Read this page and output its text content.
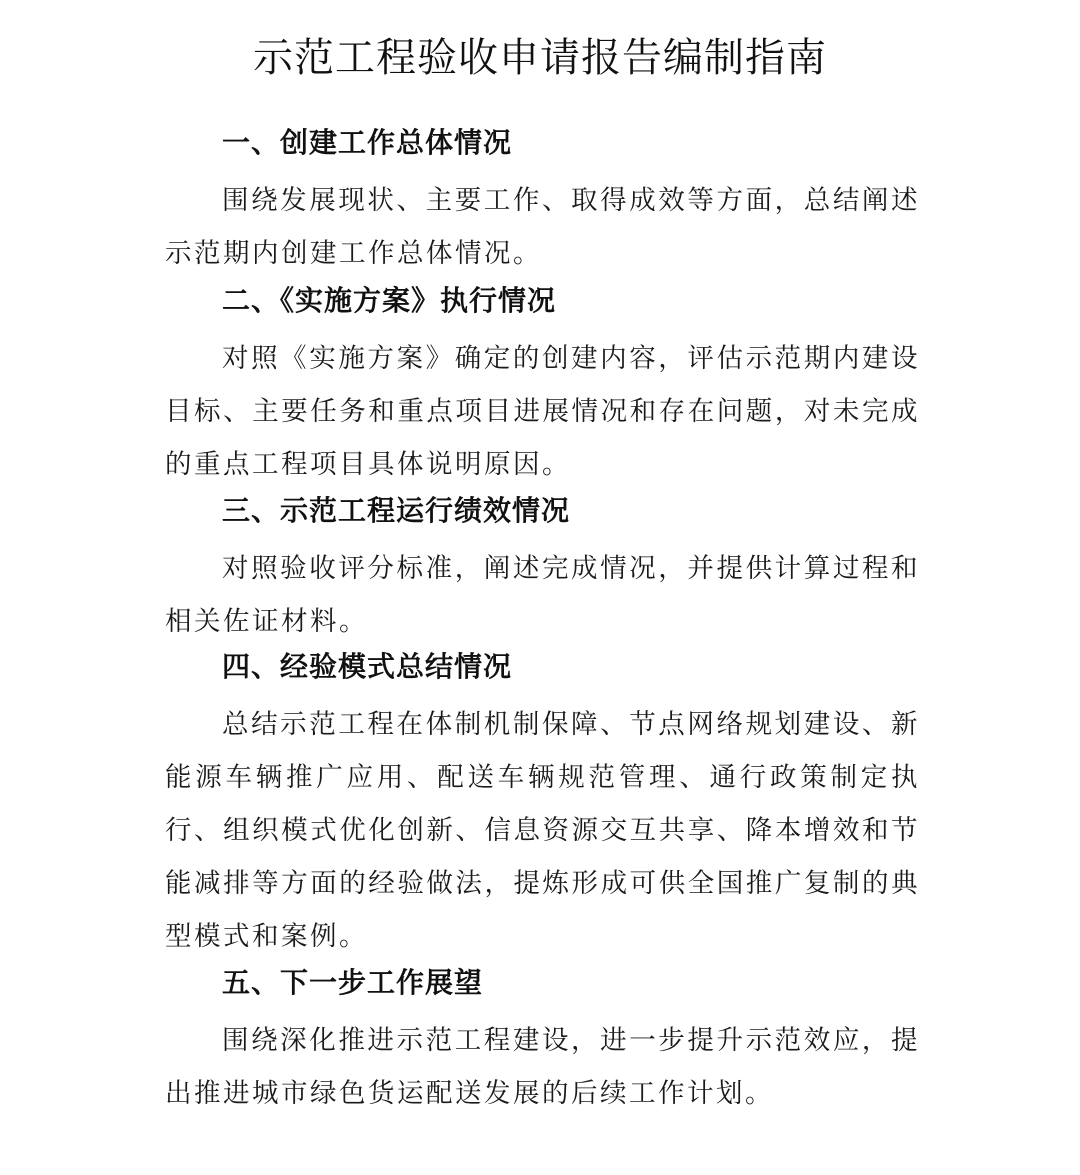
示范工程验收申请报告编制指南
一、创建工作总体情况

围绕发展现状、主要工作、取得成效等方面，总结阐述示范期内创建工作总体情况。

二、《实施方案》执行情况

对照《实施方案》确定的创建内容，评估示范期内建设目标、主要任务和重点项目进展情况和存在问题，对未完成的重点工程项目具体说明原因。

三、示范工程运行绩效情况

对照验收评分标准，阐述完成情况，并提供计算过程和相关佐证材料。

四、经验模式总结情况

总结示范工程在体制机制保障、节点网络规划建设、新能源车辆推广应用、配送车辆规范管理、通行政策制定执行、组织模式优化创新、信息资源交互共享、降本增效和节能减排等方面的经验做法，提炼形成可供全国推广复制的典型模式和案例。

五、下一步工作展望

围绕深化推进示范工程建设，进一步提升示范效应，提出推进城市绿色货运配送发展的后续工作计划。
